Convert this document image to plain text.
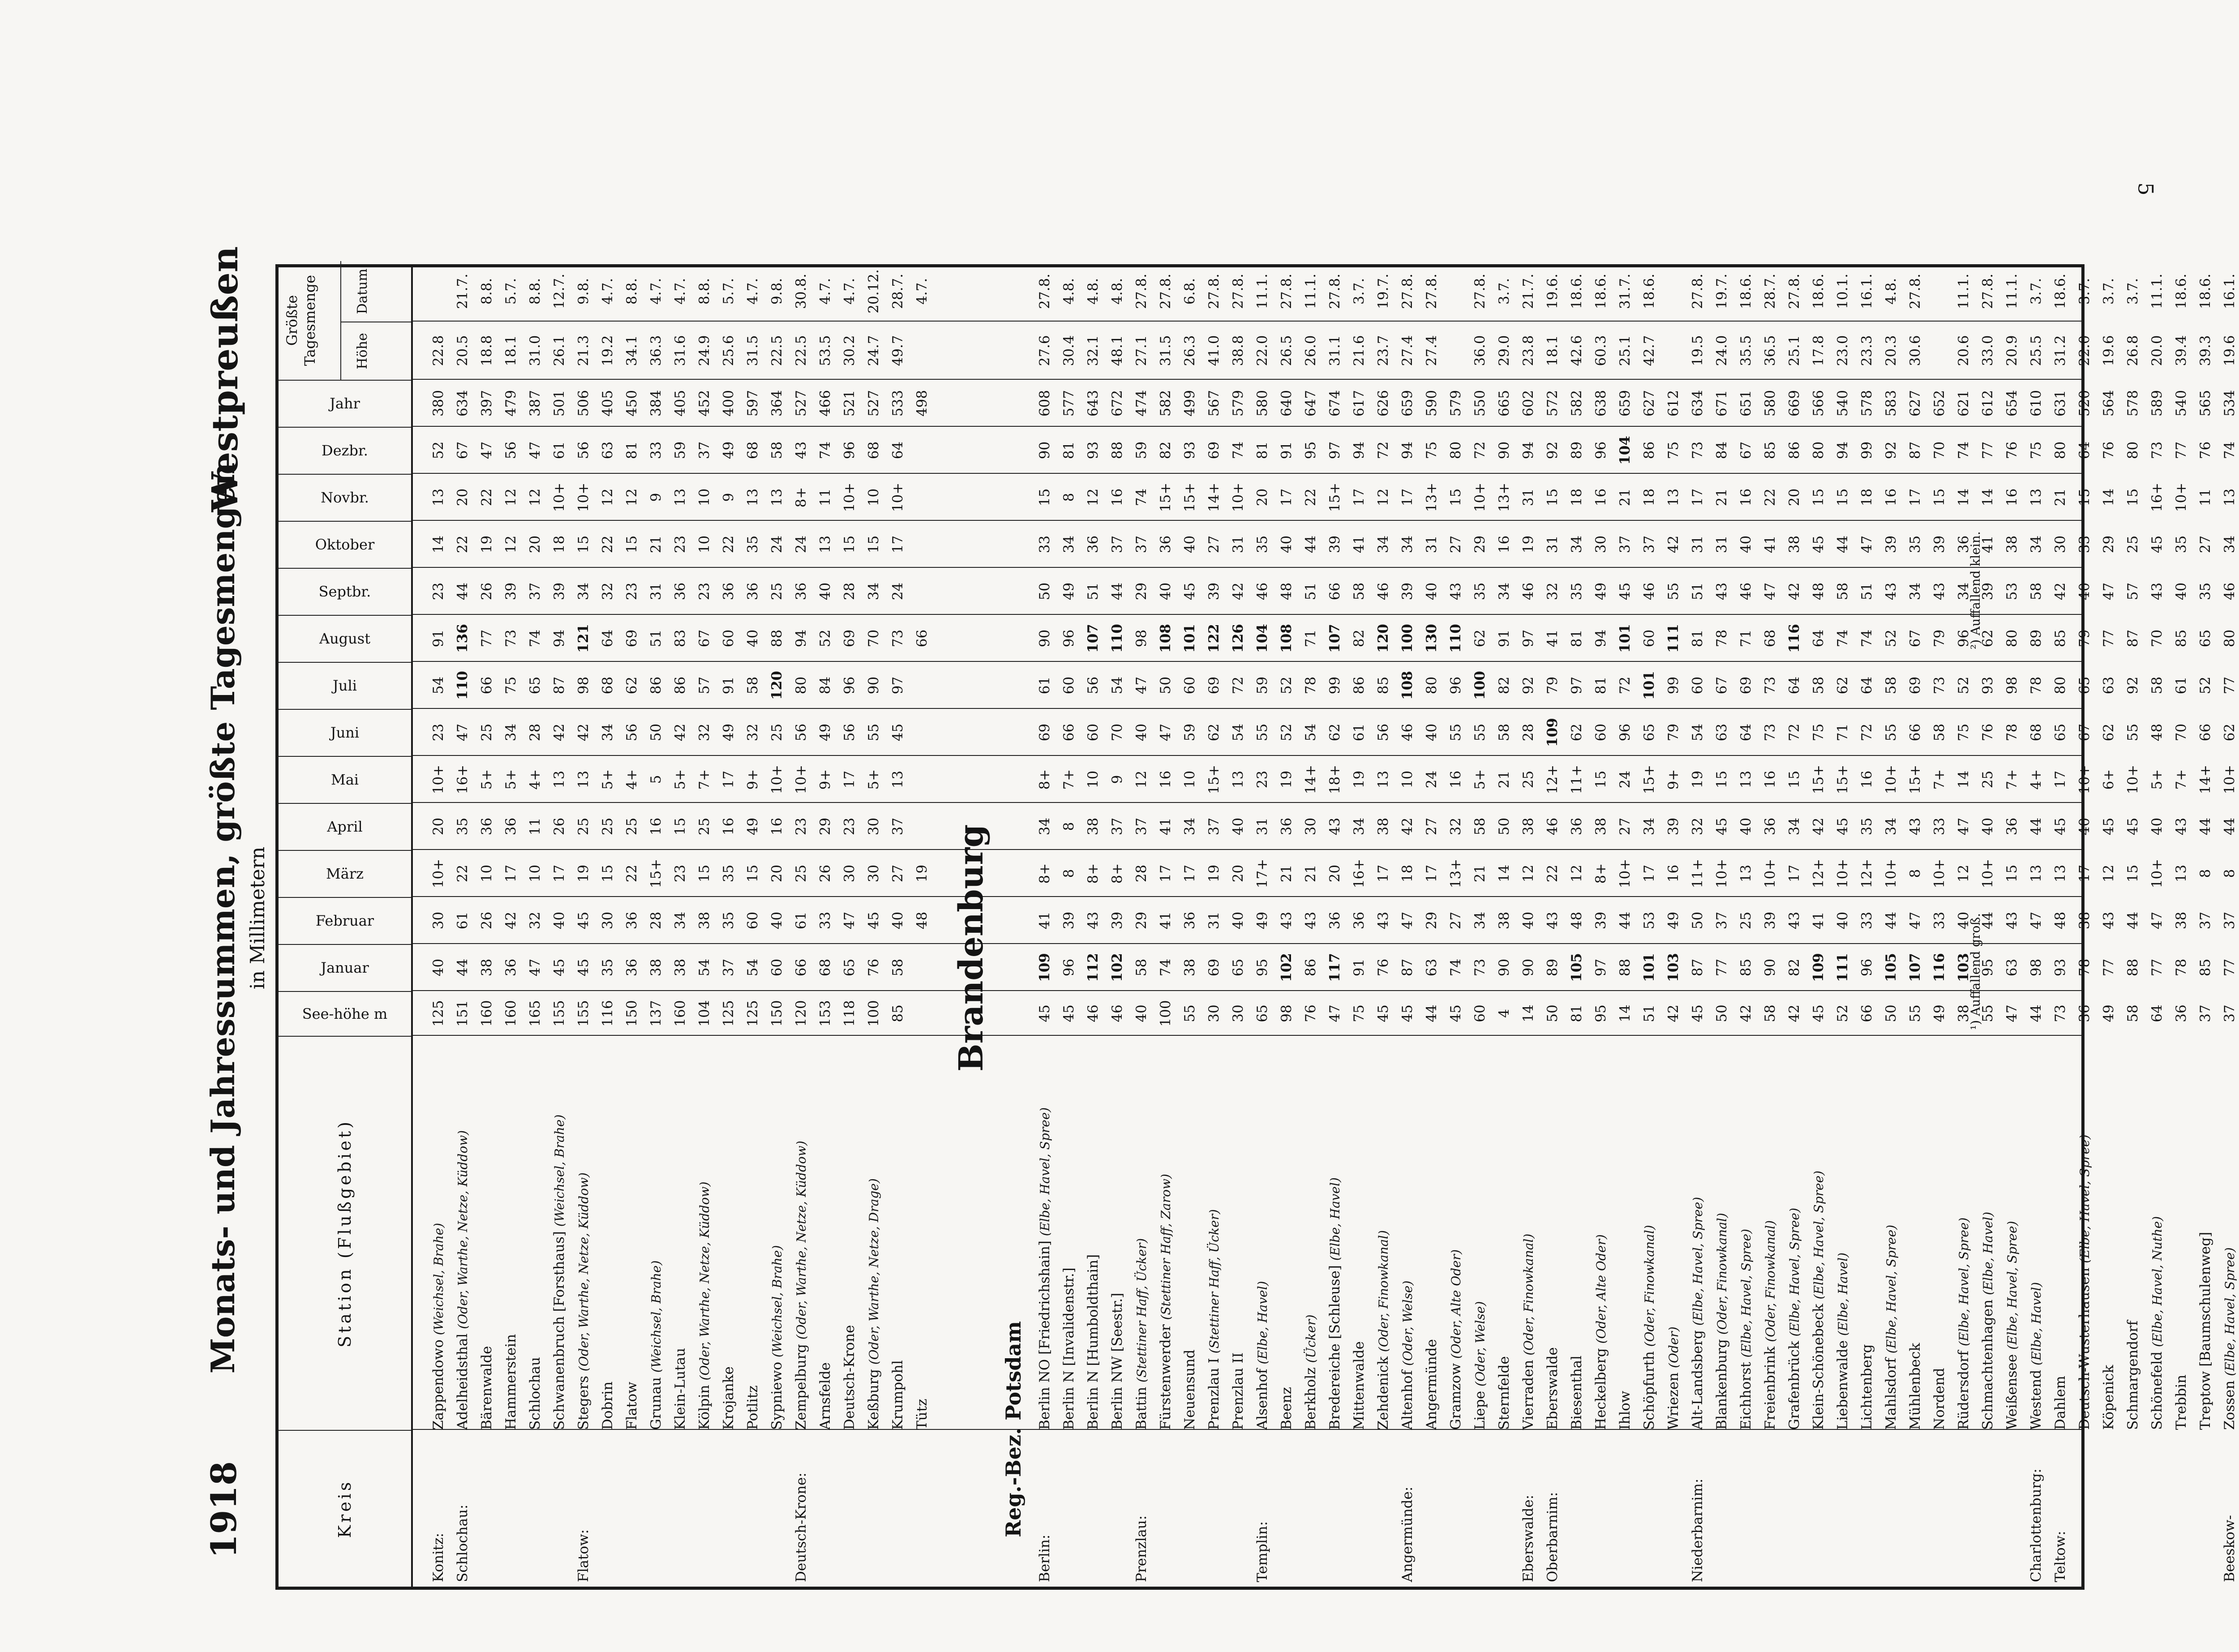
5
1918
Monats- und Jahressummen, größte Tagesmengen in Millimetern
Westpreußen
Kreis
Station (Flußgebiet)
See-höhe m
Januar
Februar
März
April
Mai
Juni
Juli
August
Septbr.
Oktober
Novbr.
Dezbr.
Jahr
Größte Tagesmenge	Höhe
Datum
Konitz:
Zappendowo (Weichsel, Brahe)
125
40
30
10+
20
10+
23
54
91
23
14
13
52
380
22.8
Schlochau:
Adelheidsthal (Oder, Warthe, Netze, Küddow)
151
44
61
22
35
16+
47
110
136
44
22
20
67
634
20.5
21.7.
Bärenwalde
160
38
26
10
36
5+
25
66
77
26
19
22
47
397
18.8
8.8.
Hammerstein
160
36
42
17
36
5+
34
75
73
39
12
12
56
479
18.1
5.7.
Schlochau
165
47
32
10
11
4+
28
65
74
37
20
12
47
387
31.0
8.8.
Schwanenbruch [Forsthaus] (Weichsel, Brahe)
155
45
40
17
26
13
42
87
94
39
18
10+
61
501
26.1
12.7.
Flatow:
Stegers (Oder, Warthe, Netze, Küddow)
155
45
45
19
25
13
42
98
121
34
15
10+
56
506
21.3
9.8.
Dobrin
116
35
30
15
25
5+
34
68
64
32
22
12
63
405
19.2
4.7.
Flatow
150
36
36
22
25
4+
56
62
69
23
15
12
81
450
34.1
8.8.
Grunau (Weichsel, Brahe)
137
38
28
15+
16
5
50
86
51
31
21
9
33
384
36.3
4.7.
Klein-Lutau
160
38
34
23
15
5+
42
86
83
36
23
13
59
405
31.6
4.7.
Kölpin (Oder, Warthe, Netze, Küddow)
104
54
38
15
25
7+
32
57
67
23
10
10
37
452
24.9
8.8.
Krojanke
125
37
35
35
16
17
49
91
60
36
22
9
49
400
25.6
5.7.
Potlitz
125
54
60
15
49
9+
32
58
40
36
35
13
68
597
31.5
4.7.
Sypniewo (Weichsel, Brahe)
150
60
40
20
16
10+
25
120
88
25
24
13
58
364
22.5
9.8.
Deutsch-Krone:
Zempelburg (Oder, Warthe, Netze, Küddow)
120
66
61
25
23
10+
56
80
94
36
24
8+
43
527
22.5
30.8.
Arnsfelde
153
68
33
26
29
9+
49
84
52
40
13
11
74
466
53.5
4.7.
Deutsch-Krone
118
65
47
30
23
17
56
96
69
28
15
10+
96
521
30.2
4.7.
Keßburg (Oder, Warthe, Netze, Drage)
100
76
45
30
30
5+
55
90
70
34
15
10
68
527
24.7
20.12.
Krumpohl
85
58
40
27
37
13
45
97
73
24
17
10+
64
533
49.7
28.7.
Tütz
48
19
66
498
4.7.
Brandenburg
Reg.-Bez. Potsdam
Berlin:
Berlin NO [Friedrichshain] (Elbe, Havel, Spree)
45
109
41
8+
34
8+
69
61
90
50
33
15
90
608
27.6
27.8.
Berlin N [Invalidenstr.]
45
96
39
8
8
7+
66
60
96
49
34
8
81
577
30.4
4.8.
Berlin N [Humboldthain]
46
112
43
8+
38
10
60
56
107
51
36
12
93
643
32.1
4.8.
Berlin NW [Seestr.]
46
102
39
8+
37
9
70
54
110
44
37
16
88
672
48.1
4.8.
Prenzlau:
Battin (Stettiner Haff, Ücker)
40
58
29
28
37
12
40
47
98
29
37
74
59
474
27.1
27.8.
Fürstenwerder (Stettiner Haff, Zarow)
100
74
41
17
41
16
47
50
108
40
36
15+
82
582
31.5
27.8.
Neuensund
55
38
36
17
34
10
59
60
101
45
40
15+
93
499
26.3
6.8.
Prenzlau I (Stettiner Haff, Ücker)
30
69
31
19
37
15+
62
69
122
39
27
14+
69
567
41.0
27.8.
Prenzlau II
30
65
40
20
40
13
54
72
126
42
31
10+
74
579
38.8
27.8.
Templin:
Alsenhof (Elbe, Havel)
65
95
49
17+
31
23
55
59
104
46
35
20
81
580
22.0
11.1.
Beenz
98
102
43
21
36
19
52
52
108
48
40
17
91
640
26.5
27.8.
Berkholz (Ücker)
76
86
43
21
30
14+
54
78
71
51
44
22
95
647
26.0
11.1.
Bredereiche [Schleuse] (Elbe, Havel)
47
117
36
20
43
18+
62
99
107
66
39
15+
97
674
31.1
27.8.
Mittenwalde
75
91
36
16+
34
19
61
86
82
58
41
17
94
617
21.6
3.7.
Zehdenick (Oder, Finowkanal)
45
76
43
17
38
13
56
85
120
46
34
12
72
626
23.7
19.7.
Angermünde:
Altenhof (Oder, Welse)
45
87
47
18
42
10
46
108
100
39
34
17
94
659
27.4
27.8.
Angermünde
44
63
29
17
27
24
40
80
130
40
31
13+
75
590
27.4
27.8.
Gramzow (Oder, Alte Oder)
45
74
27
13+
32
16
55
96
110
43
27
15
80
579
Liepe (Oder, Welse)
60
73
34
21
58
5+
55
100
62
35
29
10+
72
550
36.0
27.8.
Sternfelde
4
90
38
14
50
21
58
82
91
34
16
13+
90
665
29.0
3.7.
Eberswalde:
Vierraden (Oder, Finowkanal)
14
90
40
12
38
25
28
92
97
46
19
31
94
602
23.8
21.7.
Oberbarnim:
Eberswalde
50
89
43
22
46
12+
109
79
41
32
31
15
92
572
18.1
19.6.
Biesenthal
81
105
48
12
36
11+
62
97
81
35
34
18
89
582
42.6
18.6.
Heckelberg (Oder, Alte Oder)
95
97
39
8+
38
15
60
81
94
49
30
16
96
638
60.3
18.6.
Ihlow
14
88
44
10+
27
24
96
72
101
45
37
21
104
659
25.1
31.7.
Schöpfurth (Oder, Finowkanal)
51
101
53
17
34
15+
65
101
60
46
37
18
86
627
42.7
18.6.
Wriezen (Oder)
42
103
49
16
39
9+
79
99
111
55
42
13
75
612
Niederbarnim:
Alt-Landsberg (Elbe, Havel, Spree)
45
87
50
11+
32
19
54
60
81
51
31
17
73
634
19.5
27.8.
Blankenburg (Oder, Finowkanal)
50
77
37
10+
45
15
63
67
78
43
31
21
84
671
24.0
19.7.
Eichhorst (Elbe, Havel, Spree)
42
85
25
13
40
13
64
69
71
46
40
16
67
651
35.5
18.6.
Freienbrink (Oder, Finowkanal)
58
90
39
10+
36
16
73
73
68
47
41
22
85
580
36.5
28.7.
Grafenbrück (Elbe, Havel, Spree)
42
82
43
17
34
15
72
64
116
42
38
20
86
669
25.1
27.8.
Klein-Schönebeck (Elbe, Havel, Spree)
45
109
41
12+
42
15+
75
58
64
48
45
15
80
566
17.8
18.6.
Liebenwalde (Elbe, Havel)
52
111
40
10+
45
15+
71
62
74
58
44
15
94
540
23.0
10.1.
Lichtenberg
66
96
33
12+
35
16
72
64
74
51
47
18
99
578
23.3
16.1.
Mahlsdorf (Elbe, Havel, Spree)
50
105
44
10+
34
10+
55
58
52
43
39
16
92
583
20.3
4.8.
Mühlenbeck
55
107
47
8
43
15+
66
69
67
34
35
17
87
627
30.6
27.8.
Nordend
49
116
33
10+
33
7+
58
73
79
43
39
15
70
652
Rüdersdorf (Elbe, Havel, Spree)
38
103
40
12
47
14
75
52
96
34
36
14
74
621
20.6
11.1.
Schmachtenhagen (Elbe, Havel)
55
95
44
10+
40
25
76
93
62
39
41
14
77
612
33.0
27.8.
Weißensee (Elbe, Havel, Spree)
47
63
43
15
36
7+
78
98
80
53
38
16
76
654
20.9
11.1.
Charlottenburg:
Westend (Elbe, Havel)
44
98
47
13
44
4+
68
78
89
58
34
13
75
610
25.5
3.7.
Teltow:
Dahlem
73
93
48
13
45
17
65
80
85
42
30
21
80
631
31.2
18.6.
Deutsch-Wusterhausen (Elbe, Havel, Spree)
36
78
38
17
40
10+
67
65
79
40
33
15
64
520
22.0
3.7.
Köpenick
49
77
43
12
45
6+
62
63
77
47
29
14
76
564
19.6
3.7.
Schmargendorf
58
88
44
15
45
10+
55
92
87
57
25
15
80
578
26.8
3.7.
Schönefeld (Elbe, Havel, Nuthe)
64
77
47
10+
40
5+
48
58
70
43
45
16+
73
589
20.0
11.1.
Trebbin
36
78
38
13
43
7+
70
61
85
40
35
10+
77
540
39.4
18.6.
Treptow [Baumschulenweg]
37
85
37
8
44
14+
66
52
65
35
27
11
76
565
39.3
18.6.
Beeskow-
Zossen (Elbe, Havel, Spree)
37
77
37
8
44
10+
62
77
80
46
34
13
74
534
19.6
16.1.
¹) Auffallend groß.
²) Auffallend klein.
